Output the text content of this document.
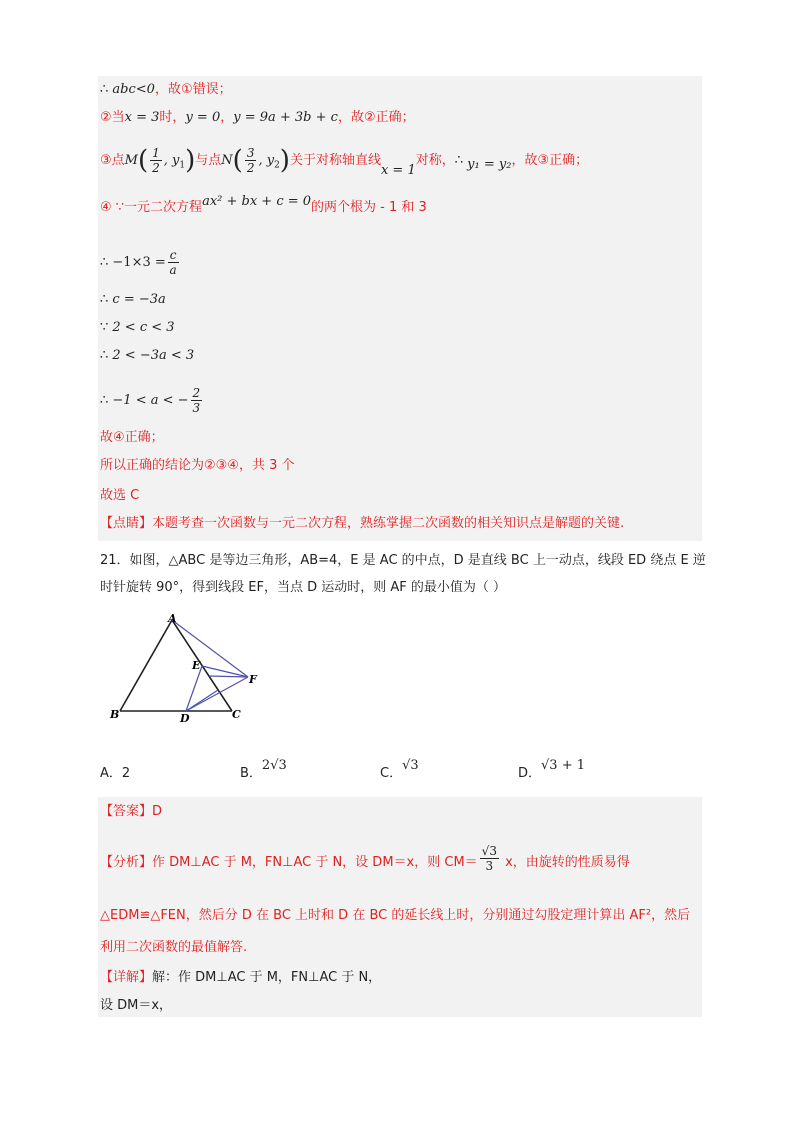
∴ abc<0，故①错误；
②当x = 3时，y = 0，y = 9a + 3b + c，故②正确；
③点$M( \frac{1}{2}$ , $y_1$)与点$N( \frac{3}{2}$ , $y_2$)关于对称轴直线x = 1对称，∴ y₁ = y₂，故③正确；
④ ∵一元二次方程ax² + bx + c = 0的两个根为 - 1 和 3
∴ $-1\times 3 = \frac{c}{a}$
∴ c = −3a
∵ 2 < c < 3
∴ 2 < −3a < 3
∴ −1 < a < − $\frac{2}{3}$
故④正确；
所以正确的结论为②③④，共 3 个
故选 C
【点睛】本题考查一次函数与一元二次方程，熟练掌握二次函数的相关知识点是解题的关键.
21．如图，△ABC 是等边三角形，AB=4，E 是 AC 的中点，D 是直线 BC 上一动点，线段 ED 绕点 E 逆
时针旋转 90°，得到线段 EF，当点 D 运动时，则 AF 的最小值为（ ）
A
B	C
D
E
F
A．2	B．2√3
C．√3
D．√3 + 1
【答案】D
【分析】作 DM⊥AC 于 M，FN⊥AC 于 N，设 DM＝x，则 $CM= \frac{√3}{3}$ x，由旋转的性质易得
△EDM≌△FEN，然后分 D 在 BC 上时和 D 在 BC 的延长线上时，分别通过勾股定理计算出 AF²，然后
利用二次函数的最值解答.
【详解】解：作 DM⊥AC 于 M，FN⊥AC 于 N，
设 DM＝x，
